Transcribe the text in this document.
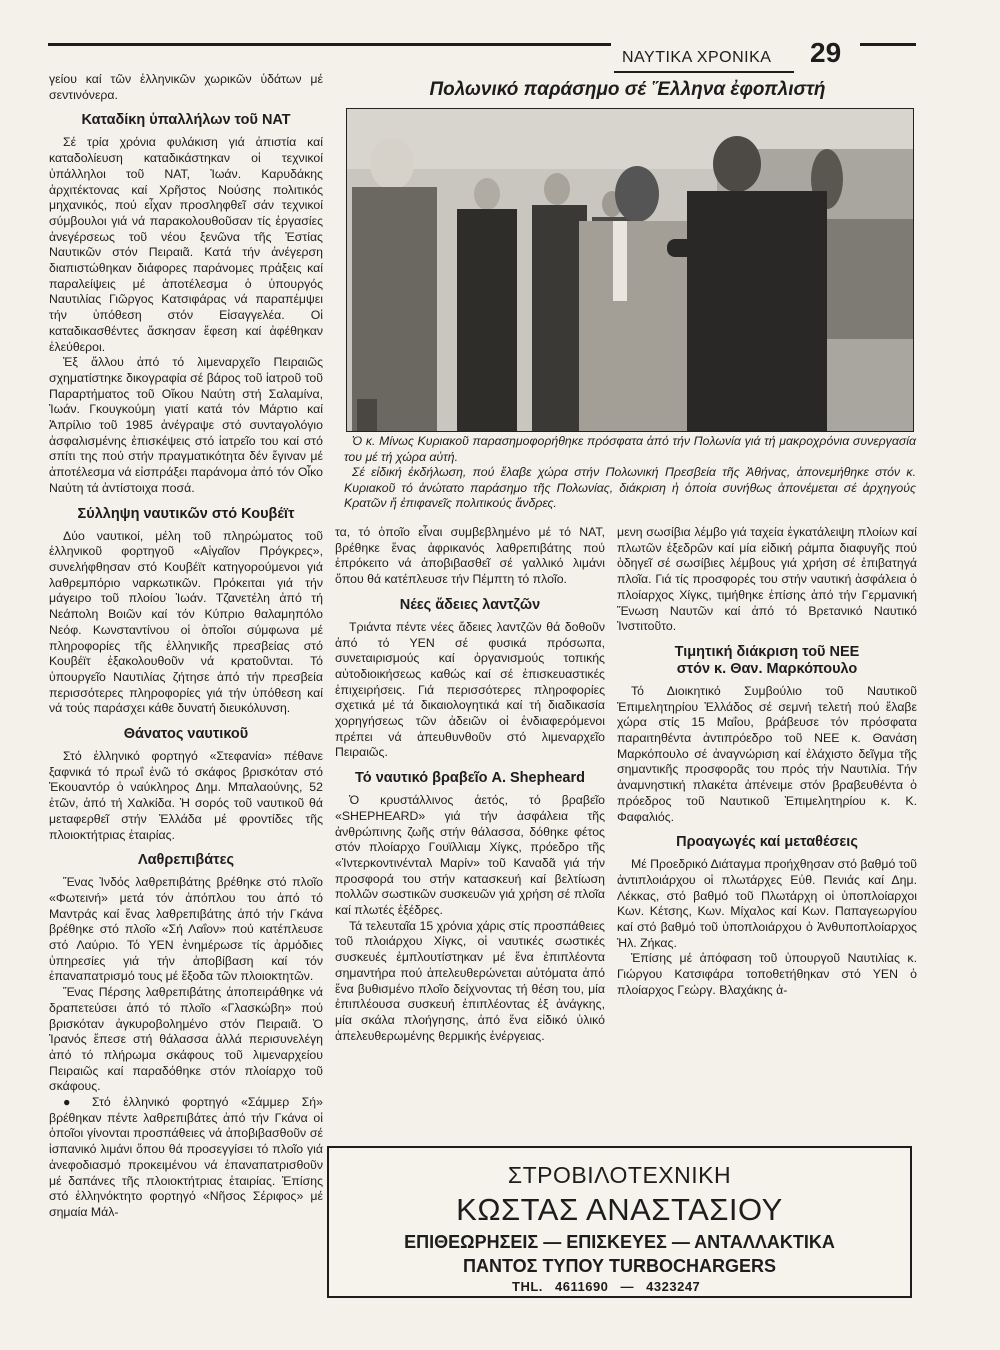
ΝΑΥΤΙΚΑ ΧΡΟΝΙΚΑ 29

γείου καί τῶν ἑλληνικῶν χωρικῶν ὑδάτων μέ σεντινόνερα.

Καταδίκη ὑπαλλήλων τοῦ ΝΑΤ

Σέ τρία χρόνια φυλάκιση γιά ἀπιστία καί καταδολίευση καταδικάστηκαν οἱ τεχνικοί ὑπάλληλοι τοῦ ΝΑΤ, Ἰωάν. Καρυδάκης ἀρχιτέκτονας καί Χρῆστος Νούσης πολιτικός μηχανικός, πού εἶχαν προσληφθεῖ σάν τεχνικοί σύμβουλοι γιά νά παρακολουθοῦσαν τίς ἐργασίες ἀνεγέρσεως τοῦ νέου ξενῶνα τῆς Ἑστίας Ναυτικῶν στόν Πειραιᾶ. Κατά τήν ἀνέγερση διαπιστώθηκαν διάφορες παράνομες πράξεις καί παραλείψεις μέ ἀποτέλεσμα ὁ ὑπουργός Ναυτιλίας Γιῶργος Κατσιφάρας νά παραπέμψει τήν ὑπόθεση στόν Εἰσαγγελέα. Οἱ καταδικασθέντες ἄσκησαν ἔφεση καί ἀφέθηκαν ἐλεύθεροι.

Ἐξ ἄλλου ἀπό τό λιμεναρχεῖο Πειραιῶς σχηματίστηκε δικογραφία σέ βάρος τοῦ ἰατροῦ τοῦ Παραρτήματος τοῦ Οἴκου Ναύτη στή Σαλαμίνα, Ἰωάν. Γκουγκούμη γιατί κατά τόν Μάρτιο καί Ἀπρίλιο τοῦ 1985 ἀνέγραψε στό συνταγολόγιο ἀσφαλισμένης ἐπισκέψεις στό ἰατρεῖο του καί στό σπίτι της πού στήν πραγματικότητα δέν ἔγιναν μέ ἀποτέλεσμα νά εἰσπράξει παράνομα ἀπό τόν Οἶκο Ναύτη τά ἀντίστοιχα ποσά.

Σύλληψη ναυτικῶν στό Κουβέϊτ

Δύο ναυτικοί, μέλη τοῦ πληρώματος τοῦ ἑλληνικοῦ φορτηγοῦ «Αἰγαῖον Πρόγκρες», συνελήφθησαν στό Κουβέϊτ κατηγορούμενοι γιά λαθρεμπόριο ναρκωτικῶν. Πρόκειται γιά τήν μάγειρο τοῦ πλοίου Ἰωάν. Τζανετέλη ἀπό τή Νεάπολη Βοιῶν καί τόν Κύπριο θαλαμηπόλο Νεόφ. Κωνσταντίνου οἱ ὁποῖοι σύμφωνα μέ πληροφορίες τῆς ἑλληνικῆς πρεσβείας στό Κουβέϊτ ἐξακολουθοῦν νά κρατοῦνται. Τό ὑπουργεῖο Ναυτιλίας ζήτησε ἀπό τήν πρεσβεία περισσότερες πληροφορίες γιά τήν ὑπόθεση καί νά τούς παράσχει κάθε δυνατή διευκόλυνση.

Θάνατος ναυτικοῦ

Στό ἑλληνικό φορτηγό «Στεφανία» πέθανε ξαφνικά τό πρωΐ ἐνῶ τό σκάφος βρισκόταν στό Ἐκουαντόρ ὁ ναύκληρος Δημ. Μπαλαούνης, 52 ἐτῶν, ἀπό τή Χαλκίδα. Ἡ σορός τοῦ ναυτικοῦ θά μεταφερθεῖ στήν Ἑλλάδα μέ φροντίδες τῆς πλοιοκτήτριας ἑταιρίας.

Λαθρεπιβάτες

Ἕνας Ἰνδός λαθρεπιβάτης βρέθηκε στό πλοῖο «Φωτεινή» μετά τόν ἀπόπλου του ἀπό τό Μαντράς καί ἕνας λαθρεπιβάτης ἀπό τήν Γκάνα βρέθηκε στό πλοῖο «Σή Λαΐον» πού κατέπλευσε στό Λαύριο. Τό ΥΕΝ ἐνημέρωσε τίς ἁρμόδιες ὑπηρεσίες γιά τήν ἀποβίβαση καί τόν ἐπαναπατρισμό τους μέ ἔξοδα τῶν πλοιοκτητῶν.

Ἕνας Πέρσης λαθρεπιβάτης ἀποπειράθηκε νά δραπετεύσει ἀπό τό πλοῖο «Γλασκώβη» πού βρισκόταν ἀγκυροβολημένο στόν Πειραιᾶ. Ὁ Ἰρανός ἔπεσε στή θάλασσα ἀλλά περισυνελέγη ἀπό τό πλήρωμα σκάφους τοῦ λιμεναρχείου Πειραιῶς καί παραδόθηκε στόν πλοίαρχο τοῦ σκάφους.

● Στό ἑλληνικό φορτηγό «Σάμμερ Σή» βρέθηκαν πέντε λαθρεπιβάτες ἀπό τήν Γκάνα οἱ ὁποῖοι γίνονται προσπάθειες νά ἀποβιβασθοῦν σέ ἱσπανικό λιμάνι ὅπου θά προσεγγίσει τό πλοῖο γιά ἀνεφοδιασμό προκειμένου νά ἐπαναπατρισθοῦν μέ δαπάνες τῆς πλοιοκτήτριας ἑταιρίας. Ἐπίσης στό ἑλληνόκτητο φορτηγό «Νῆσος Σέριφος» μέ σημαία Μάλ-

Πολωνικό παράσημο σέ Ἕλληνα ἐφοπλιστή

Ὁ κ. Μίνως Κυριακοῦ παρασημοφορήθηκε πρόσφατα ἀπό τήν Πολωνία γιά τή μακροχρόνια συνεργασία του μέ τή χώρα αὐτή.

Σέ εἰδική ἐκδήλωση, πού ἔλαβε χώρα στήν Πολωνική Πρεσβεία τῆς Ἀθήνας, ἀπονεμήθηκε στόν κ. Κυριακοῦ τό ἀνώτατο παράσημο τῆς Πολωνίας, διάκριση ἡ ὁποία συνήθως ἀπονέμεται σέ ἀρχηγούς Κρατῶν ἤ ἐπιφανεῖς πολιτικούς ἄνδρες.

τα, τό ὁποῖο εἶναι συμβεβλημένο μέ τό ΝΑΤ, βρέθηκε ἕνας ἀφρικανός λαθρεπιβάτης πού ἐπρόκειτο νά ἀποβιβασθεῖ σέ γαλλικό λιμάνι ὅπου θά κατέπλευσε τήν Πέμπτη τό πλοῖο.

Νέες ἄδειες λαντζῶν

Τριάντα πέντε νέες ἄδειες λαντζῶν θά δοθοῦν ἀπό τό ΥΕΝ σέ φυσικά πρόσωπα, συνεταιρισμούς καί ὀργανισμούς τοπικής αὐτοδιοικήσεως καθώς καί σέ ἐπισκευαστικές ἐπιχειρήσεις. Γιά περισσότερες πληροφορίες σχετικά μέ τά δικαιολογητικά καί τή διαδικασία χορηγήσεως τῶν ἀδειῶν οἱ ἐνδιαφερόμενοι πρέπει νά ἀπευθυνθοῦν στό λιμεναρχεῖο Πειραιῶς.

Τό ναυτικό βραβεῖο A. Shepheard

Ὁ κρυστάλλινος ἀετός, τό βραβεῖο «SHEPHEARD» γιά τήν ἀσφάλεια τῆς ἀνθρώπινης ζωῆς στήν θάλασσα, δόθηκε φέτος στόν πλοίαρχο Γουϊλλιαμ Χίγκς, πρόεδρο τῆς «Ἰντερκοντινένταλ Μαρίν» τοῦ Καναδᾶ γιά τήν προσφορά του στήν κατασκευή καί βελτίωση πολλῶν σωστικῶν συσκευῶν γιά χρήση σέ πλοῖα καί πλωτές ἐξέδρες.

Τά τελευταῖα 15 χρόνια χάρις στίς προσπάθειες τοῦ πλοιάρχου Χίγκς, οἱ ναυτικές σωστικές συσκευές ἐμπλουτίστηκαν μέ ἕνα ἐπιπλέοντα σημαντήρα πού ἀπελευθερώνεται αὐτόματα ἀπό ἕνα βυθισμένο πλοῖο δείχνοντας τή θέση του, μία ἐπιπλέουσα συσκευή ἐπιπλέοντας ἐξ ἀνάγκης, μία σκάλα πλοήγησης, ἀπό ἕνα εἰδικό ὑλικό ἀπελευθερωμένης θερμικής ἐνέργειας.

μενη σωσίβια λέμβο γιά ταχεία ἐγκατάλειψη πλοίων καί πλωτῶν ἐξεδρῶν καί μία εἰδική ράμπα διαφυγῆς πού ὁδηγεῖ σέ σωσίβιες λέμβους γιά χρήση σέ ἐπιβατηγά πλοῖα. Γιά τίς προσφορές του στήν ναυτική ἀσφάλεια ὁ πλοίαρχος Χίγκς, τιμήθηκε ἐπίσης ἀπό τήν Γερμανική Ἕνωση Ναυτῶν καί ἀπό τό Βρετανικό Ναυτικό Ἰνστιτοῦτο.

Τιμητική διάκριση τοῦ ΝΕΕ
στόν κ. Θαν. Μαρκόπουλο

Τό Διοικητικό Συμβούλιο τοῦ Ναυτικοῦ Ἐπιμελητηρίου Ἑλλάδος σέ σεμνή τελετή πού ἔλαβε χώρα στίς 15 Μαΐου, βράβευσε τόν πρόσφατα παραιτηθέντα ἀντιπρόεδρο τοῦ ΝΕΕ κ. Θανάση Μαρκόπουλο σέ ἀναγνώριση καί ἐλάχιστο δεῖγμα τῆς σημαντικῆς προσφορᾶς του πρός τήν Ναυτιλία. Τήν ἀναμνηστική πλακέτα ἀπένειμε στόν βραβευθέντα ὁ πρόεδρος τοῦ Ναυτικοῦ Ἐπιμελητηρίου κ. Κ. Φαφαλιός.

Προαγωγές καί μεταθέσεις

Μέ Προεδρικό Διάταγμα προήχθησαν στό βαθμό τοῦ ἀντιπλοιάρχου οἱ πλωτάρχες Εὐθ. Πενιάς καί Δημ. Λέκκας, στό βαθμό τοῦ Πλωτάρχη οἱ ὑποπλοίαρχοι Κων. Κέτσης, Κων. Μίχαλος καί Κων. Παπαγεωργίου καί στό βαθμό τοῦ ὑποπλοιάρχου ὁ Ἀνθυποπλοίαρχος Ἠλ. Ζήκας.

Ἐπίσης μέ ἀπόφαση τοῦ ὑπουργοῦ Ναυτιλίας κ. Γιώργου Κατσιφάρα τοποθετήθηκαν στό ΥΕΝ ὁ πλοίαρχος Γεώργ. Βλαχάκης ἀ-

ΣΤΡΟΒΙΛΟΤΕΧΝΙΚΗ
ΚΩΣΤΑΣ ΑΝΑΣΤΑΣΙΟΥ
ΕΠΙΘΕΩΡΗΣΕΙΣ — ΕΠΙΣΚΕΥΕΣ — ΑΝΤΑΛΛΑΚΤΙΚΑ
ΠΑΝΤΟΣ ΤΥΠΟΥ TURBOCHARGERS
THL. 4611690 — 4323247
